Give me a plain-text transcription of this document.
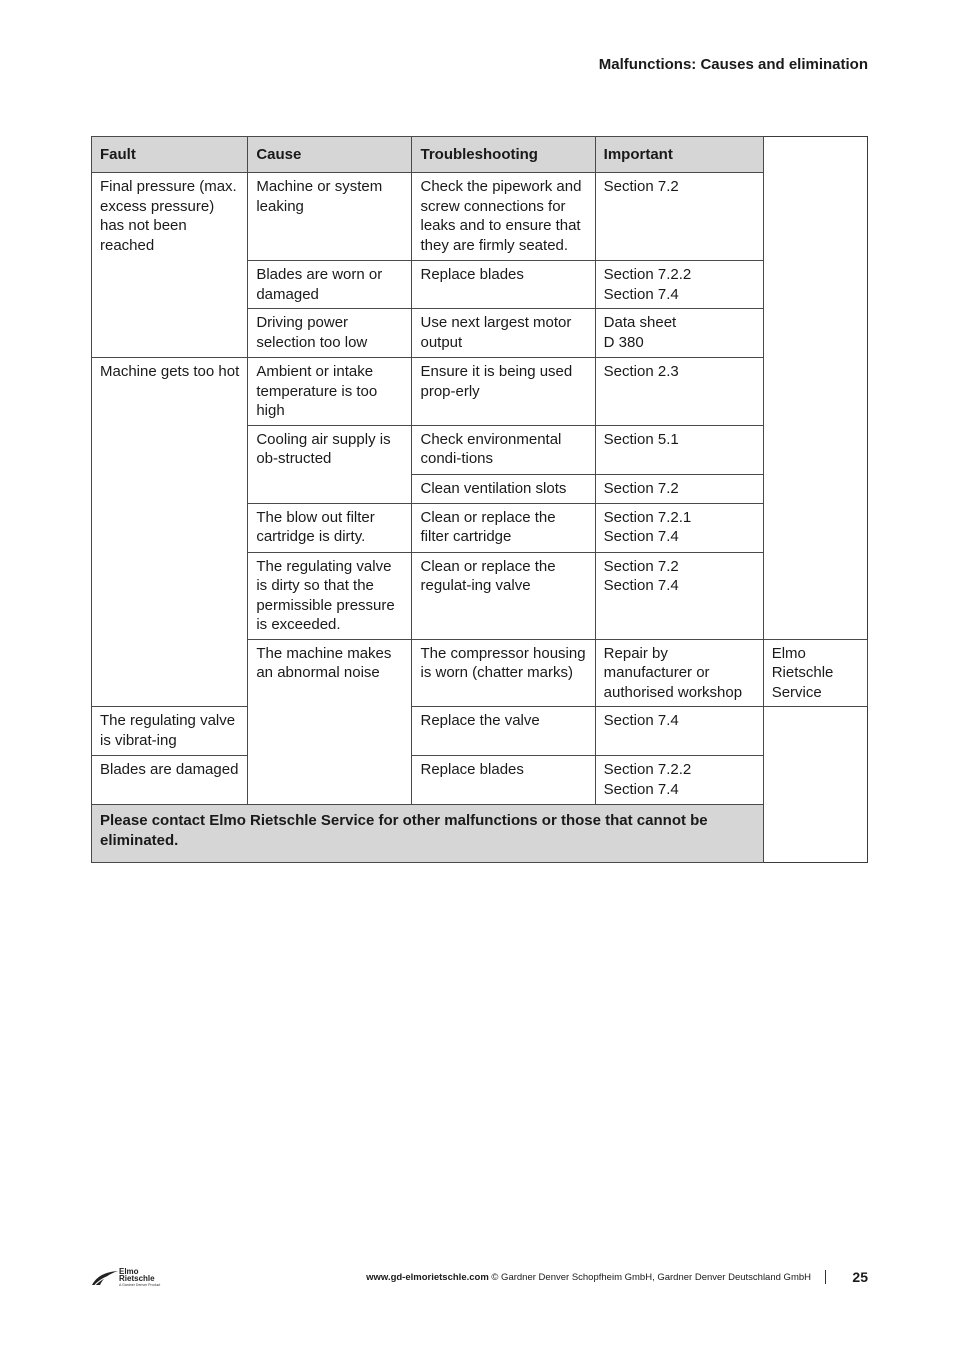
Malfunctions: Causes and elimination
Fault	Cause	Troubleshooting	Important	
Final pressure (max. excess pressure) has not been reached	Machine or system leaking	Check the pipework and screw connections for leaks and to ensure that they are firmly seated.	Section 7.2	

	Blades are worn or damaged	Replace blades	Section 7.2.2
Section 7.4	

	Driving power selection too low	Use next largest motor output	Data sheet
D 380	

Machine gets too hot	Ambient or intake temperature is too high	Ensure it is being used prop-erly	Section 2.3	

	Cooling air supply is ob-structed	Check environmental condi-tions	Section 5.1	

		Clean ventilation slots	Section 7.2	

	The blow out filter cartridge is dirty.	Clean or replace the filter cartridge	Section 7.2.1
Section 7.4	

	The regulating valve is dirty so that the permissible pressure is exceeded.	Clean or replace the regulat-ing valve	Section 7.2
Section 7.4	

	The machine makes an abnormal noise	The compressor housing is worn (chatter marks)	Repair by manufacturer or authorised workshop	Elmo Rietschle Service

The regulating valve is vibrat-ing		Replace the valve	Section 7.4	

Blades are damaged		Replace blades	Section 7.2.2
Section 7.4	

Please contact Elmo Rietschle Service for other malfunctions or those that cannot be eliminated.				
Elmo
Rietschle
A Gardner Denver Product
www.gd-elmorietschle.com © Gardner Denver Schopfheim GmbH, Gardner Denver Deutschland GmbH	25
